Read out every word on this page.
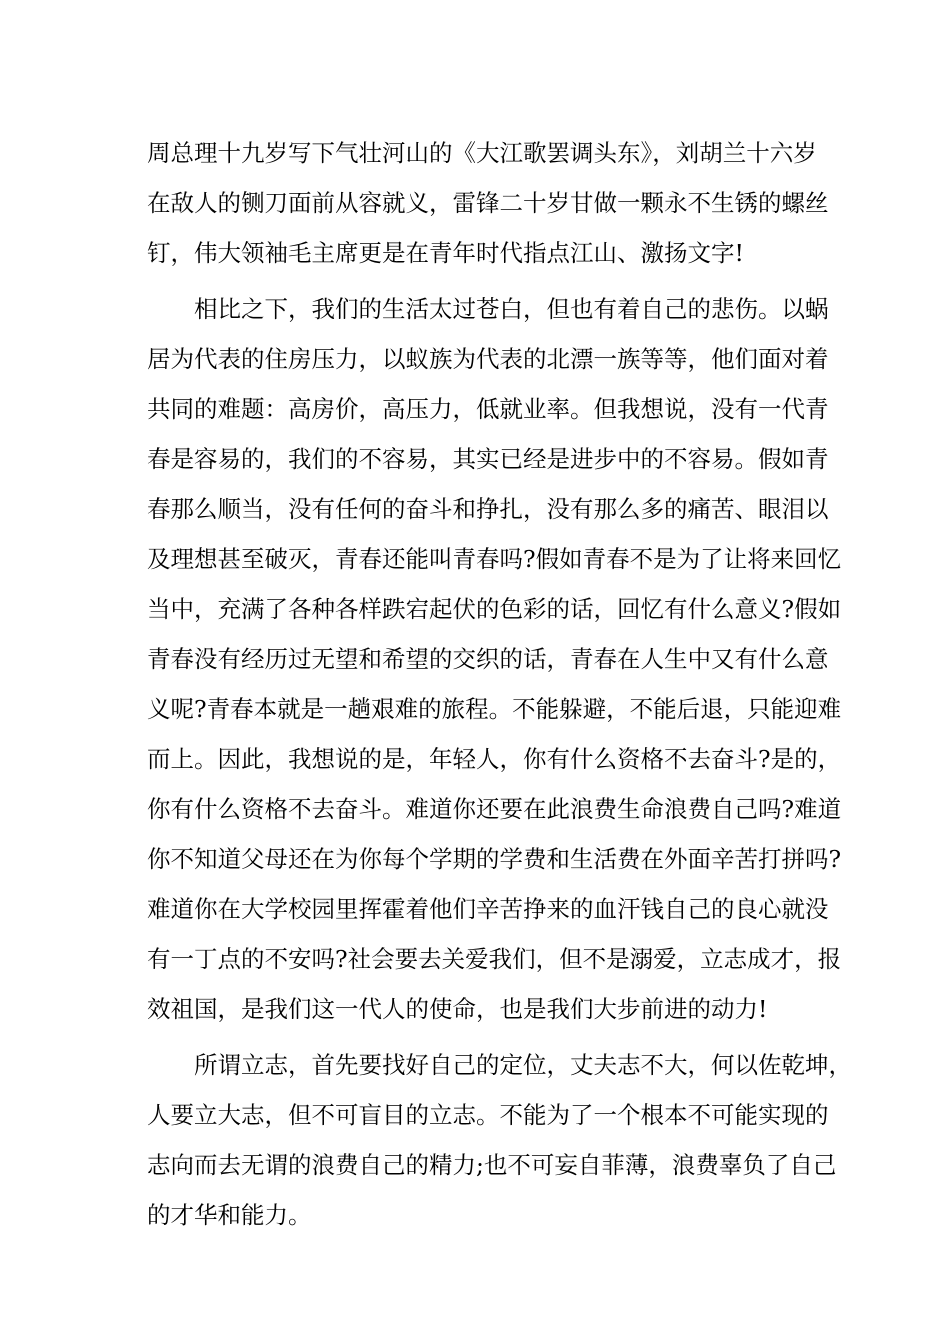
周总理十九岁写下气壮河山的《大江歌罢调头东》，刘胡兰十六岁
在敌人的铡刀面前从容就义，雷锋二十岁甘做一颗永不生锈的螺丝
钉，伟大领袖毛主席更是在青年时代指点江山、激扬文字!
相比之下，我们的生活太过苍白，但也有着自己的悲伤。以蜗
居为代表的住房压力，以蚁族为代表的北漂一族等等，他们面对着
共同的难题：高房价，高压力，低就业率。但我想说，没有一代青
春是容易的，我们的不容易，其实已经是进步中的不容易。假如青
春那么顺当，没有任何的奋斗和挣扎，没有那么多的痛苦、眼泪以
及理想甚至破灭，青春还能叫青春吗?假如青春不是为了让将来回忆
当中，充满了各种各样跌宕起伏的色彩的话，回忆有什么意义?假如
青春没有经历过无望和希望的交织的话，青春在人生中又有什么意
义呢?青春本就是一趟艰难的旅程。不能躲避，不能后退，只能迎难
而上。因此，我想说的是，年轻人，你有什么资格不去奋斗?是的，
你有什么资格不去奋斗。难道你还要在此浪费生命浪费自己吗?难道
你不知道父母还在为你每个学期的学费和生活费在外面辛苦打拼吗?
难道你在大学校园里挥霍着他们辛苦挣来的血汗钱自己的良心就没
有一丁点的不安吗?社会要去关爱我们，但不是溺爱，立志成才，报
效祖国，是我们这一代人的使命，也是我们大步前进的动力!
所谓立志，首先要找好自己的定位，丈夫志不大，何以佐乾坤，
人要立大志，但不可盲目的立志。不能为了一个根本不可能实现的
志向而去无谓的浪费自己的精力;也不可妄自菲薄，浪费辜负了自己
的才华和能力。
